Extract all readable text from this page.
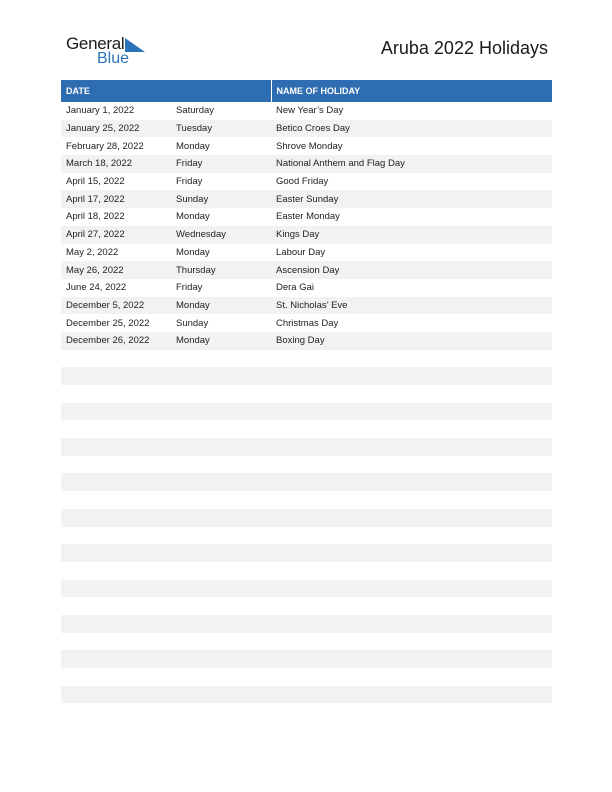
General
Blue
Aruba 2022 Holidays
DATE		NAME OF HOLIDAY
January 1, 2022	Saturday	New Year’s Day
January 25, 2022	Tuesday	Betico Croes Day
February 28, 2022	Monday	Shrove Monday
March 18, 2022	Friday	National Anthem and Flag Day
April 15, 2022	Friday	Good Friday
April 17, 2022	Sunday	Easter Sunday
April 18, 2022	Monday	Easter Monday
April 27, 2022	Wednesday	Kings Day
May 2, 2022	Monday	Labour Day
May 26, 2022	Thursday	Ascension Day
June 24, 2022	Friday	Dera Gai
December 5, 2022	Monday	St. Nicholas’ Eve
December 25, 2022	Sunday	Christmas Day
December 26, 2022	Monday	Boxing Day
